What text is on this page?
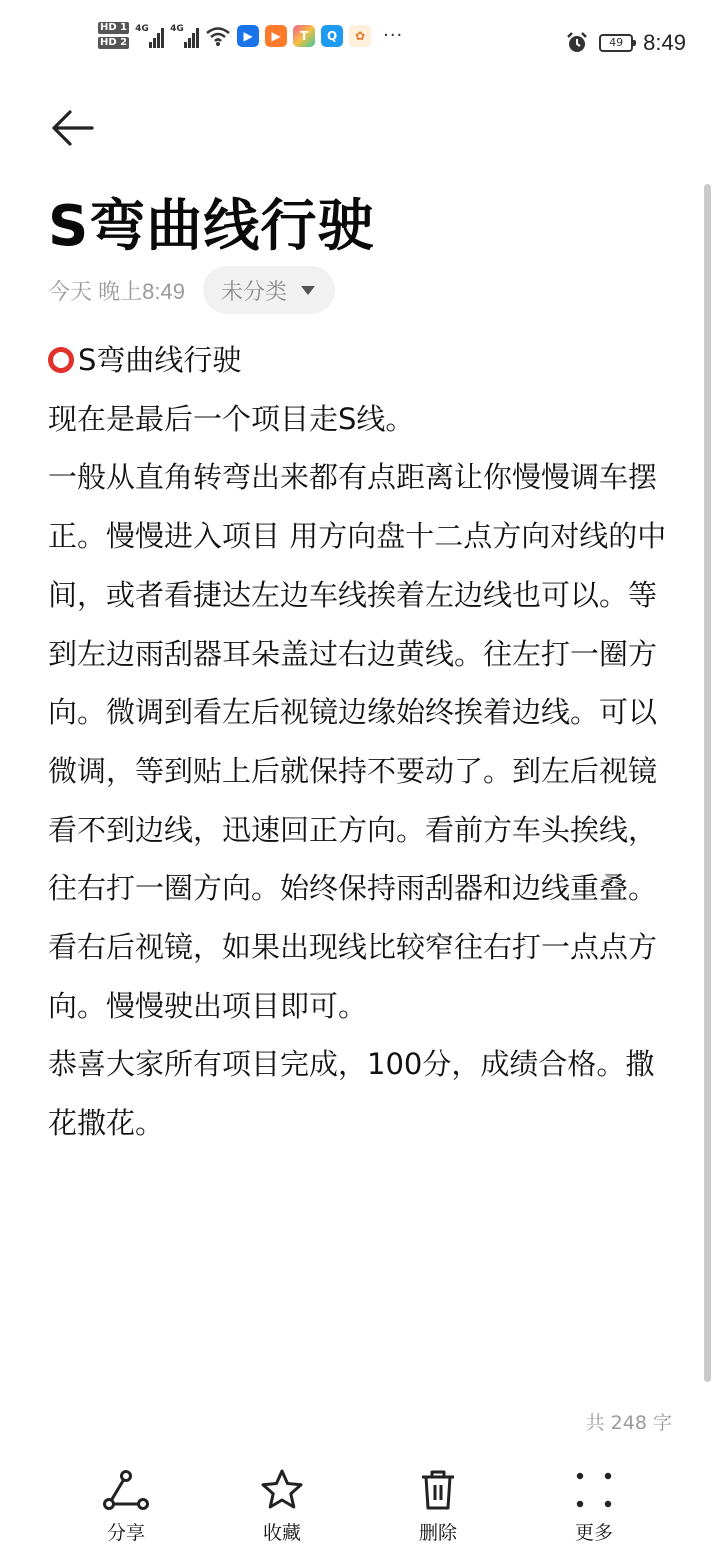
HD 1
HD 2
4G 4G	▶	▶	T	Q	✿ ···	49 8:49
S弯曲线行驶
今天 晚上8:49 未分类

S弯曲线行驶

现在是最后一个项目走S线。

一般从直角转弯出来都有点距离让你慢慢调车摆正。慢慢进入项目 用方向盘十二点方向对线的中间，或者看捷达左边车线挨着左边线也可以。等到左边雨刮器耳朵盖过右边黄线。往左打一圈方向。微调到看左后视镜边缘始终挨着边线。可以微调，等到贴上后就保持不要动了。到左后视镜看不到边线，迅速回正方向。看前方车头挨线，往右打一圈方向。始终保持雨刮器和边线重叠。看右后视镜，如果出现线比较窄往右打一点点方向。慢慢驶出项目即可。

恭喜大家所有项目完成，100分，成绩合格。撒花撒花。

共 248 字
分享	收藏	删除	更多
